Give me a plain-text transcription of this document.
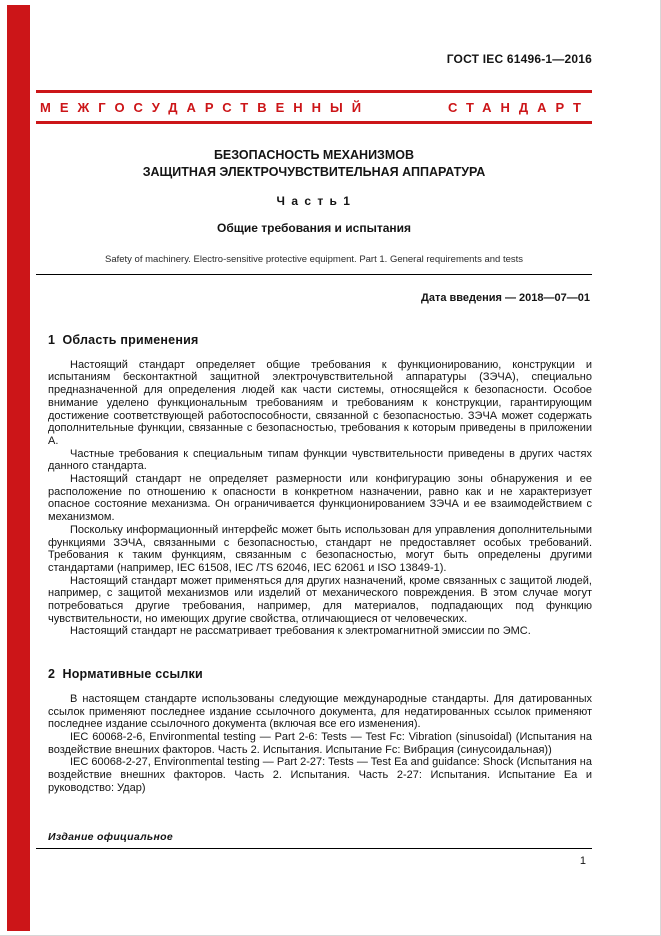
ГОСТ IEC 61496-1—2016
МЕЖГОСУДАРСТВЕННЫЙ	СТАНДАРТ
БЕЗОПАСНОСТЬ МЕХАНИЗМОВ
ЗАЩИТНАЯ ЭЛЕКТРОЧУВСТВИТЕЛЬНАЯ АППАРАТУРА
Ч а с т ь 1
Общие требования и испытания
Safety of machinery. Electro-sensitive protective equipment. Part 1. General requirements and tests
Дата введения — 2018—07—01
1  Область применения

Настоящий стандарт определяет общие требования к функционированию, конструкции и испытаниям бесконтактной защитной электрочувствительной аппаратуры (ЗЭЧА), специально предназначенной для определения людей как части системы, относящейся к безопасности. Особое внимание уделено функциональным требованиям и требованиям к конструкции, гарантирующим достижение соответствующей работоспособности, связанной с безопасностью. ЗЭЧА может содержать дополнительные функции, связанные с безопасностью, требования к которым приведены в приложении А.

Частные требования к специальным типам функции чувствительности приведены в других частях данного стандарта.

Настоящий стандарт не определяет размерности или конфигурацию зоны обнаружения и ее расположение по отношению к опасности в конкретном назначении, равно как и не характеризует опасное состояние механизма. Он ограничивается функционированием ЗЭЧА и ее взаимодействием с механизмом.

Поскольку информационный интерфейс может быть использован для управления дополнительными функциями ЗЭЧА, связанными с безопасностью, стандарт не предоставляет особых требований. Требования к таким функциям, связанным с безопасностью, могут быть определены другими стандартами (например, IEC 61508, IEC /TS 62046, IEC 62061 и ISO 13849-1).

Настоящий стандарт может применяться для других назначений, кроме связанных с защитой людей, например, с защитой механизмов или изделий от механического повреждения. В этом случае могут потребоваться другие требования, например, для материалов, подпадающих под функцию чувствительности, но имеющих другие свойства, отличающиеся от человеческих.

Настоящий стандарт не рассматривает требования к электромагнитной эмиссии по ЭМС.

2  Нормативные ссылки

В настоящем стандарте использованы следующие международные стандарты. Для датированных ссылок применяют последнее издание ссылочного документа, для недатированных ссылок применяют последнее издание ссылочного документа (включая все его изменения).

IEC 60068-2-6, Environmental testing — Part 2-6: Tests — Test Fc: Vibration (sinusoidal) (Испытания на воздействие внешних факторов. Часть 2. Испытания. Испытание Fc: Вибрация (синусоидальная))

IEC 60068-2-27, Environmental testing — Part 2-27: Tests — Test Ea and guidance: Shock (Испытания на воздействие внешних факторов. Часть 2. Испытания. Часть 2-27: Испытания. Испытание Еа и руководство: Удар)

Издание официальное
1
